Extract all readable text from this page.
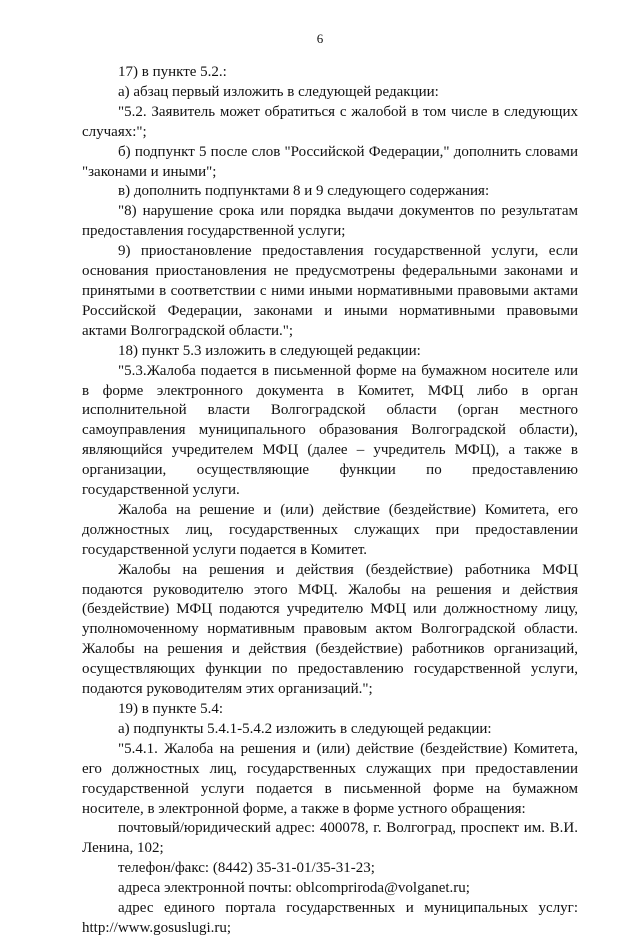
6

17) в пункте 5.2.:

а) абзац первый изложить в следующей редакции:

"5.2. Заявитель может обратиться с жалобой в том числе в следующих случаях:";

б) подпункт 5 после слов "Российской Федерации," дополнить словами "законами и иными";

в) дополнить подпунктами 8 и 9 следующего содержания:

"8) нарушение срока или порядка выдачи документов по результатам предоставления государственной услуги;

9) приостановление предоставления государственной услуги, если основания приостановления не предусмотрены федеральными законами и принятыми в соответствии с ними иными нормативными правовыми актами Российской Федерации, законами и иными нормативными правовыми актами Волгоградской области.";

18) пункт 5.3 изложить в следующей редакции:

"5.3.Жалоба подается в письменной форме на бумажном носителе или в форме электронного документа в Комитет, МФЦ либо в орган исполнительной власти Волгоградской области (орган местного самоуправления муниципального образования Волгоградской области), являющийся учредителем МФЦ (далее – учредитель МФЦ), а также в организации, осуществляющие функции по предоставлению государственной услуги.

Жалоба на решение и (или) действие (бездействие) Комитета, его должностных лиц, государственных служащих при предоставлении государственной услуги подается в Комитет.

Жалобы на решения и действия (бездействие) работника МФЦ подаются руководителю этого МФЦ. Жалобы на решения и действия (бездействие) МФЦ подаются учредителю МФЦ или должностному лицу, уполномоченному нормативным правовым актом Волгоградской области. Жалобы на решения и действия (бездействие) работников организаций, осуществляющих функции по предоставлению государственной услуги, подаются руководителям этих организаций.";

19) в пункте 5.4:

а) подпункты 5.4.1-5.4.2 изложить в следующей редакции:

"5.4.1. Жалоба на решения и (или) действие (бездействие) Комитета, его должностных лиц, государственных служащих при предоставлении государственной услуги подается в письменной форме на бумажном носителе, в электронной форме, а также в форме устного обращения:

почтовый/юридический адрес: 400078, г. Волгоград, проспект им. В.И. Ленина, 102;

телефон/факс: (8442) 35-31-01/35-31-23;

адреса электронной почты: oblcompriroda@volganet.ru;

адрес единого портала государственных и муниципальных услуг: http://www.gosuslugi.ru;
